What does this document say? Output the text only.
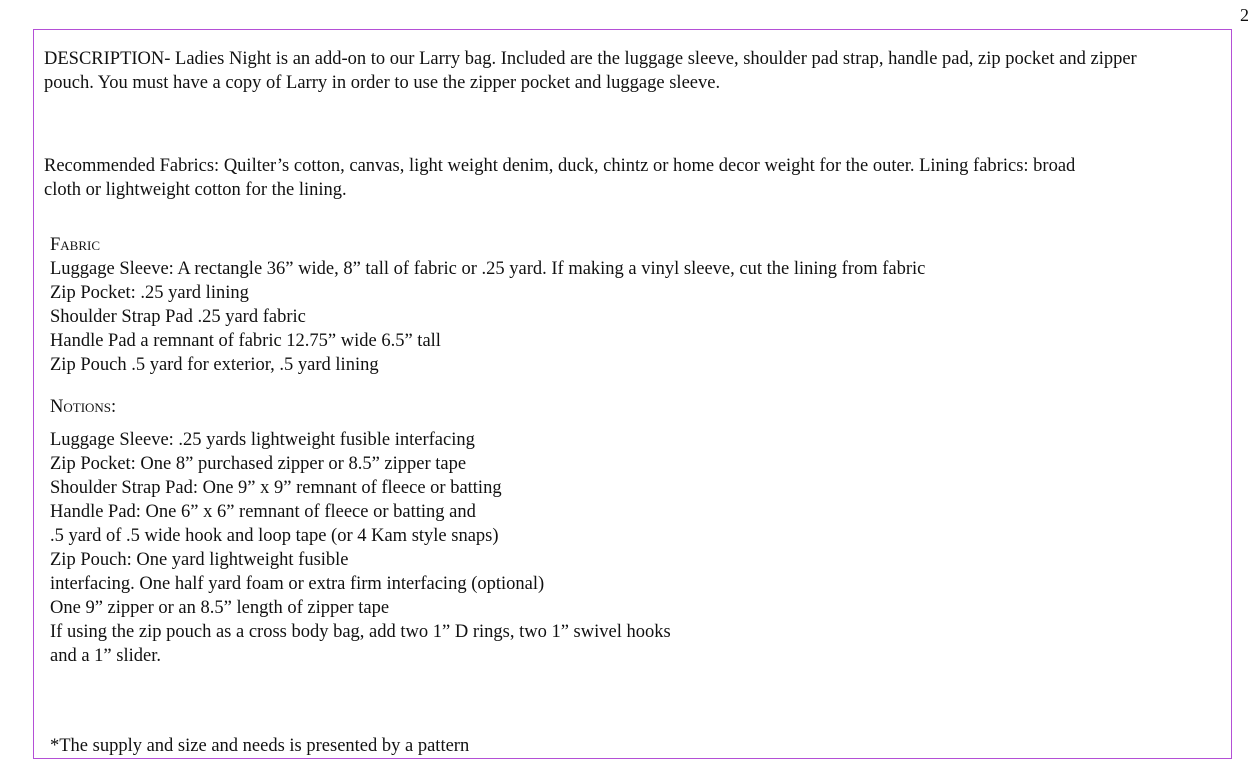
2
DESCRIPTION- Ladies Night is an add-on to our Larry bag. Included are the luggage sleeve, shoulder pad strap, handle pad, zip pocket and zipper
pouch. You must have a copy of Larry in order to use the zipper pocket and luggage sleeve.
Recommended Fabrics: Quilter’s cotton, canvas, light weight denim, duck, chintz or home decor weight for the outer. Lining fabrics: broad
cloth or lightweight cotton for the lining.
Fabric
Luggage Sleeve: A rectangle 36” wide, 8” tall of fabric or .25 yard. If making a vinyl sleeve, cut the lining from fabric
Zip Pocket: .25 yard lining
Shoulder Strap Pad .25 yard fabric
Handle Pad a remnant of fabric 12.75” wide 6.5” tall
Zip Pouch .5 yard for exterior, .5 yard lining
Notions:
Luggage Sleeve: .25 yards lightweight fusible interfacing
Zip Pocket: One 8” purchased zipper or 8.5” zipper tape
Shoulder Strap Pad: One 9” x 9” remnant of fleece or batting
Handle Pad: One 6” x 6” remnant of fleece or batting and
.5 yard of .5 wide hook and loop tape (or 4 Kam style snaps)
Zip Pouch: One yard lightweight fusible
interfacing. One half yard foam or extra firm interfacing (optional)
One 9” zipper or an 8.5” length of zipper tape
If using the zip pouch as a cross body bag, add two 1” D rings, two 1” swivel hooks
and a 1” slider.
*The supply and size and needs is presented by a pattern
